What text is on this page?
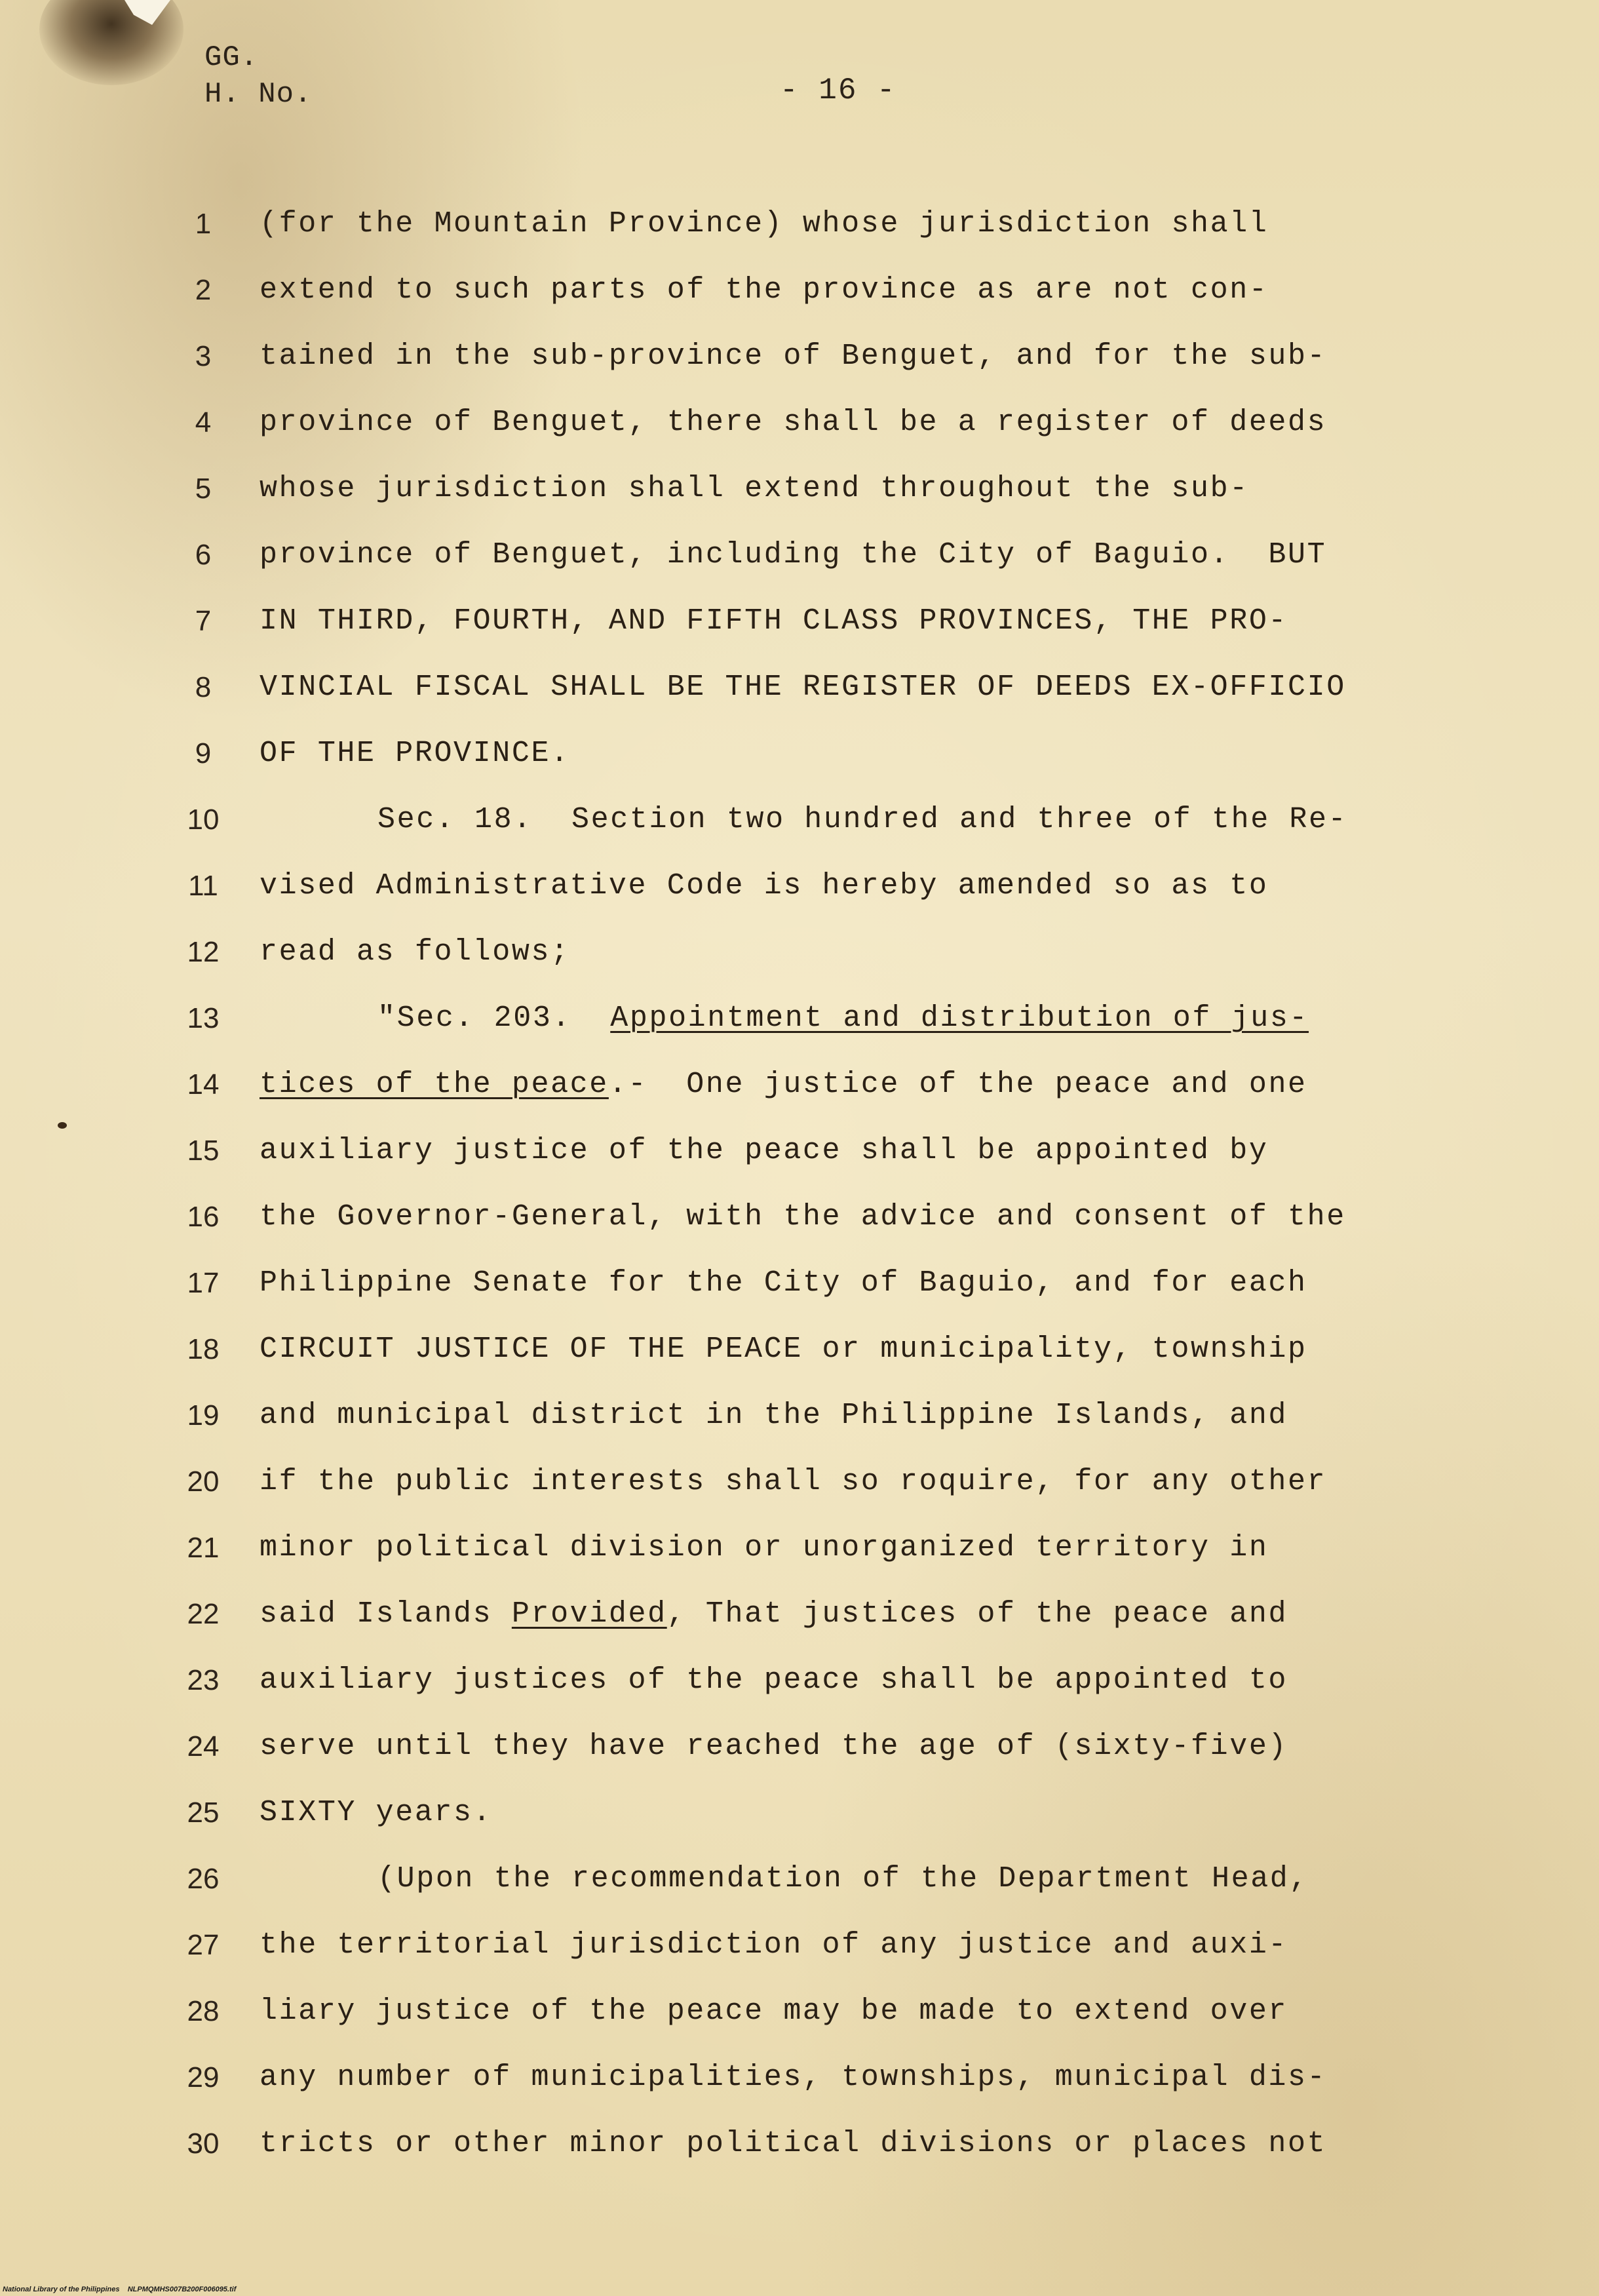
GG.
H. No.	- 16 -
1	(for the Mountain Province) whose jurisdiction shall
2	extend to such parts of the province as are not con-
3	tained in the sub-province of Benguet, and for the sub-
4	province of Benguet, there shall be a register of deeds
5	whose jurisdiction shall extend throughout the sub-
6	province of Benguet, including the City of Baguio.  BUT
7	IN THIRD, FOURTH, AND FIFTH CLASS PROVINCES, THE PRO-
8	VINCIAL FISCAL SHALL BE THE REGISTER OF DEEDS EX-OFFICIO
9	OF THE PROVINCE.
10	Sec. 18.  Section two hundred and three of the Re-
11	vised Administrative Code is hereby amended so as to
12	read as follows;
13	"Sec. 203.  Appointment and distribution of jus-
14	tices of the peace.-  One justice of the peace and one
15	auxiliary justice of the peace shall be appointed by
16	the Governor-General, with the advice and consent of the
17	Philippine Senate for the City of Baguio, and for each
18	CIRCUIT JUSTICE OF THE PEACE or municipality, township
19	and municipal district in the Philippine Islands, and
20	if the public interests shall so roquire, for any other
21	minor political division or unorganized territory in
22	said Islands Provided, That justices of the peace and
23	auxiliary justices of the peace shall be appointed to
24	serve until they have reached the age of (sixty-five)
25	SIXTY years.
26	(Upon the recommendation of the Department Head,
27	the territorial jurisdiction of any justice and auxi-
28	liary justice of the peace may be made to extend over
29	any number of municipalities, townships, municipal dis-
30	tricts or other minor political divisions or places not
National Library of the Philippines    NLPMQMHS007B200F006095.tif
